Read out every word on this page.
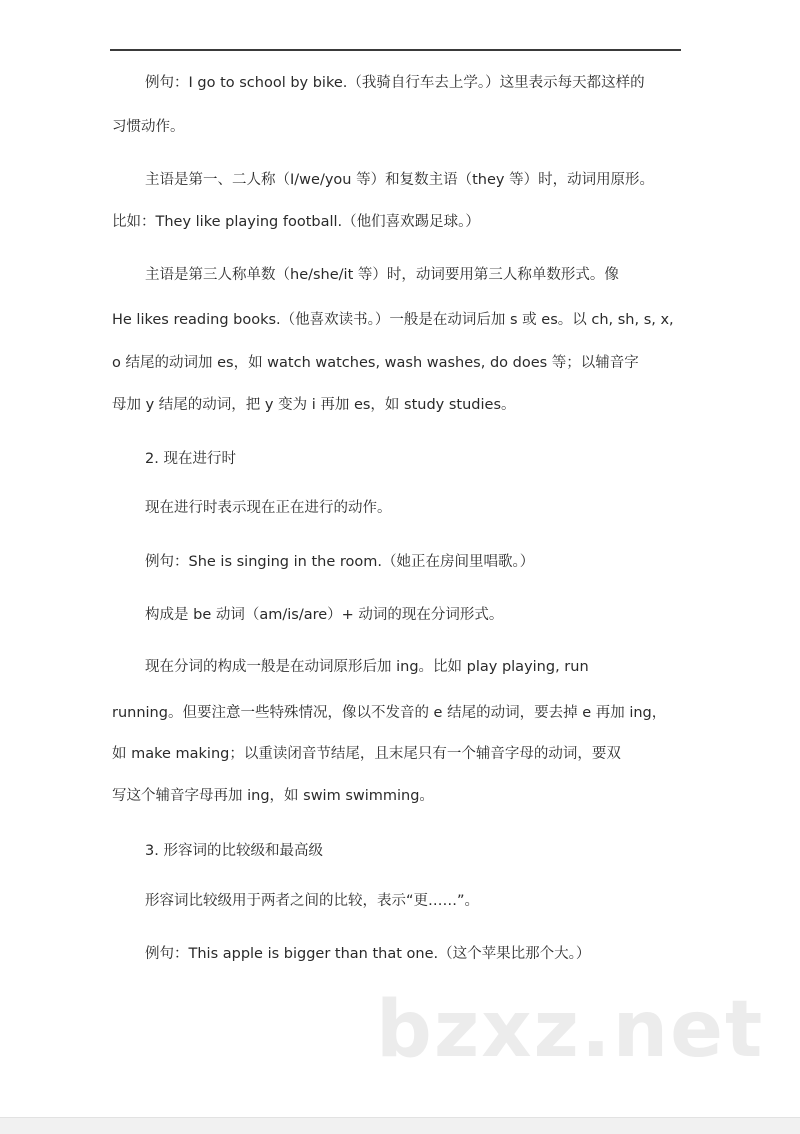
例句：I go to school by bike.（我骑自行车去上学。）这里表示每天都这样的
习惯动作。
主语是第一、二人称（I/we/you 等）和复数主语（they 等）时，动词用原形。
比如：They like playing football.（他们喜欢踢足球。）
主语是第三人称单数（he/she/it 等）时，动词要用第三人称单数形式。像
He likes reading books.（他喜欢读书。）一般是在动词后加 s 或 es。以 ch, sh, s, x,
o 结尾的动词加 es，如 watch watches, wash washes, do does 等；以辅音字
母加 y 结尾的动词，把 y 变为 i 再加 es，如 study studies。
2. 现在进行时
现在进行时表示现在正在进行的动作。
例句：She is singing in the room.（她正在房间里唱歌。）
构成是 be 动词（am/is/are）+ 动词的现在分词形式。
现在分词的构成一般是在动词原形后加 ing。比如 play playing, run
running。但要注意一些特殊情况，像以不发音的 e 结尾的动词，要去掉 e 再加 ing，
如 make making；以重读闭音节结尾，且末尾只有一个辅音字母的动词，要双
写这个辅音字母再加 ing，如 swim swimming。
3. 形容词的比较级和最高级
形容词比较级用于两者之间的比较，表示“更……”。
例句：This apple is bigger than that one.（这个苹果比那个大。）
bzxz.net
